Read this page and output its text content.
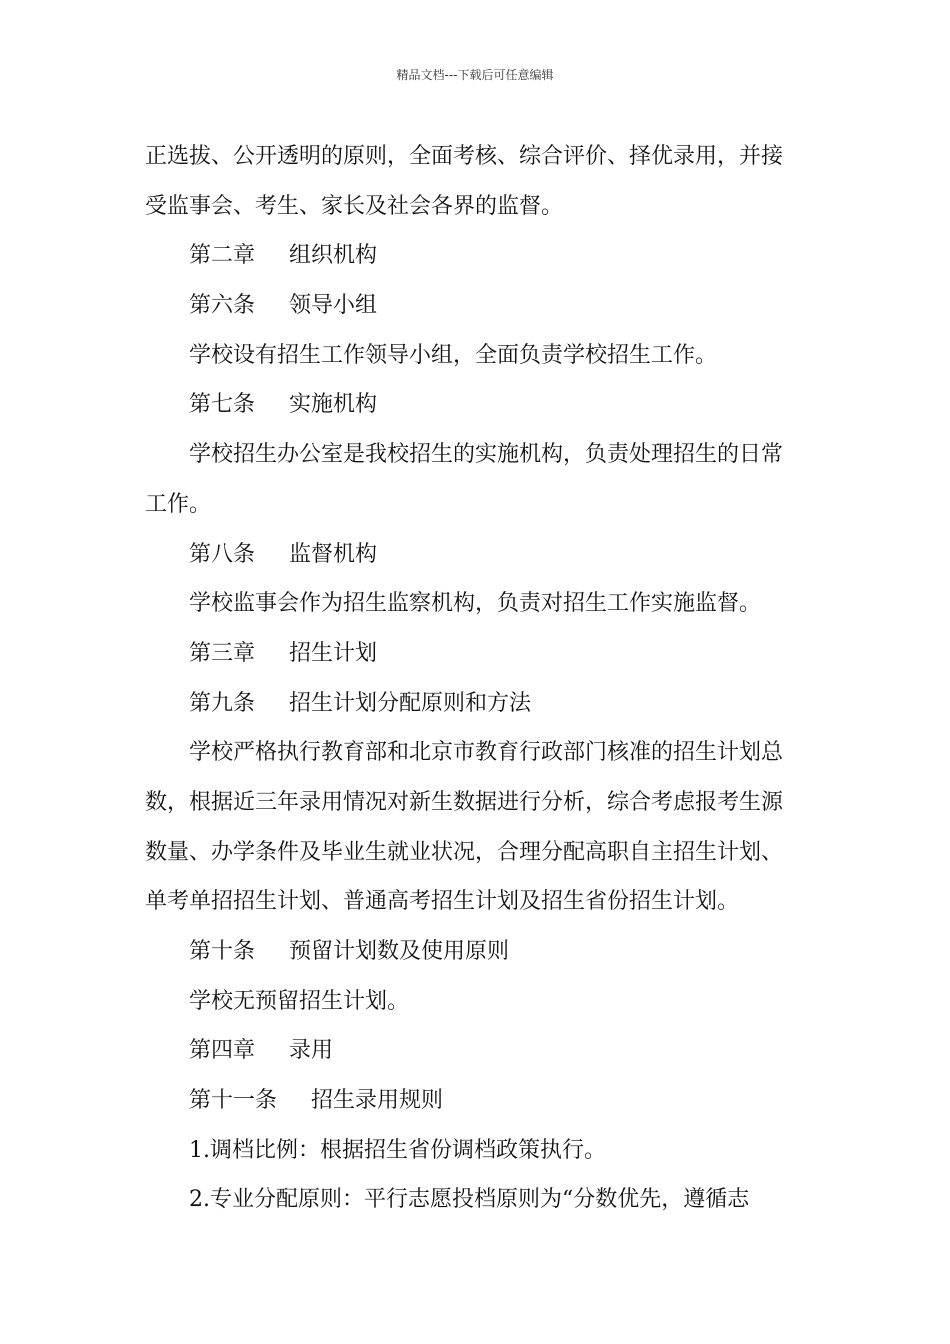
精品文档---下载后可任意编辑
正选拔、公开透明的原则，全面考核、综合评价、择优录用，并接
受监事会、考生、家长及社会各界的监督。
第二章 组织机构
第六条 领导小组
学校设有招生工作领导小组，全面负责学校招生工作。
第七条 实施机构
学校招生办公室是我校招生的实施机构，负责处理招生的日常
工作。
第八条 监督机构
学校监事会作为招生监察机构，负责对招生工作实施监督。
第三章 招生计划
第九条 招生计划分配原则和方法
学校严格执行教育部和北京市教育行政部门核准的招生计划总
数，根据近三年录用情况对新生数据进行分析，综合考虑报考生源
数量、办学条件及毕业生就业状况，合理分配高职自主招生计划、
单考单招招生计划、普通高考招生计划及招生省份招生计划。
第十条 预留计划数及使用原则
学校无预留招生计划。
第四章 录用
第十一条 招生录用规则
1.调档比例：根据招生省份调档政策执行。
2.专业分配原则：平行志愿投档原则为“分数优先，遵循志
